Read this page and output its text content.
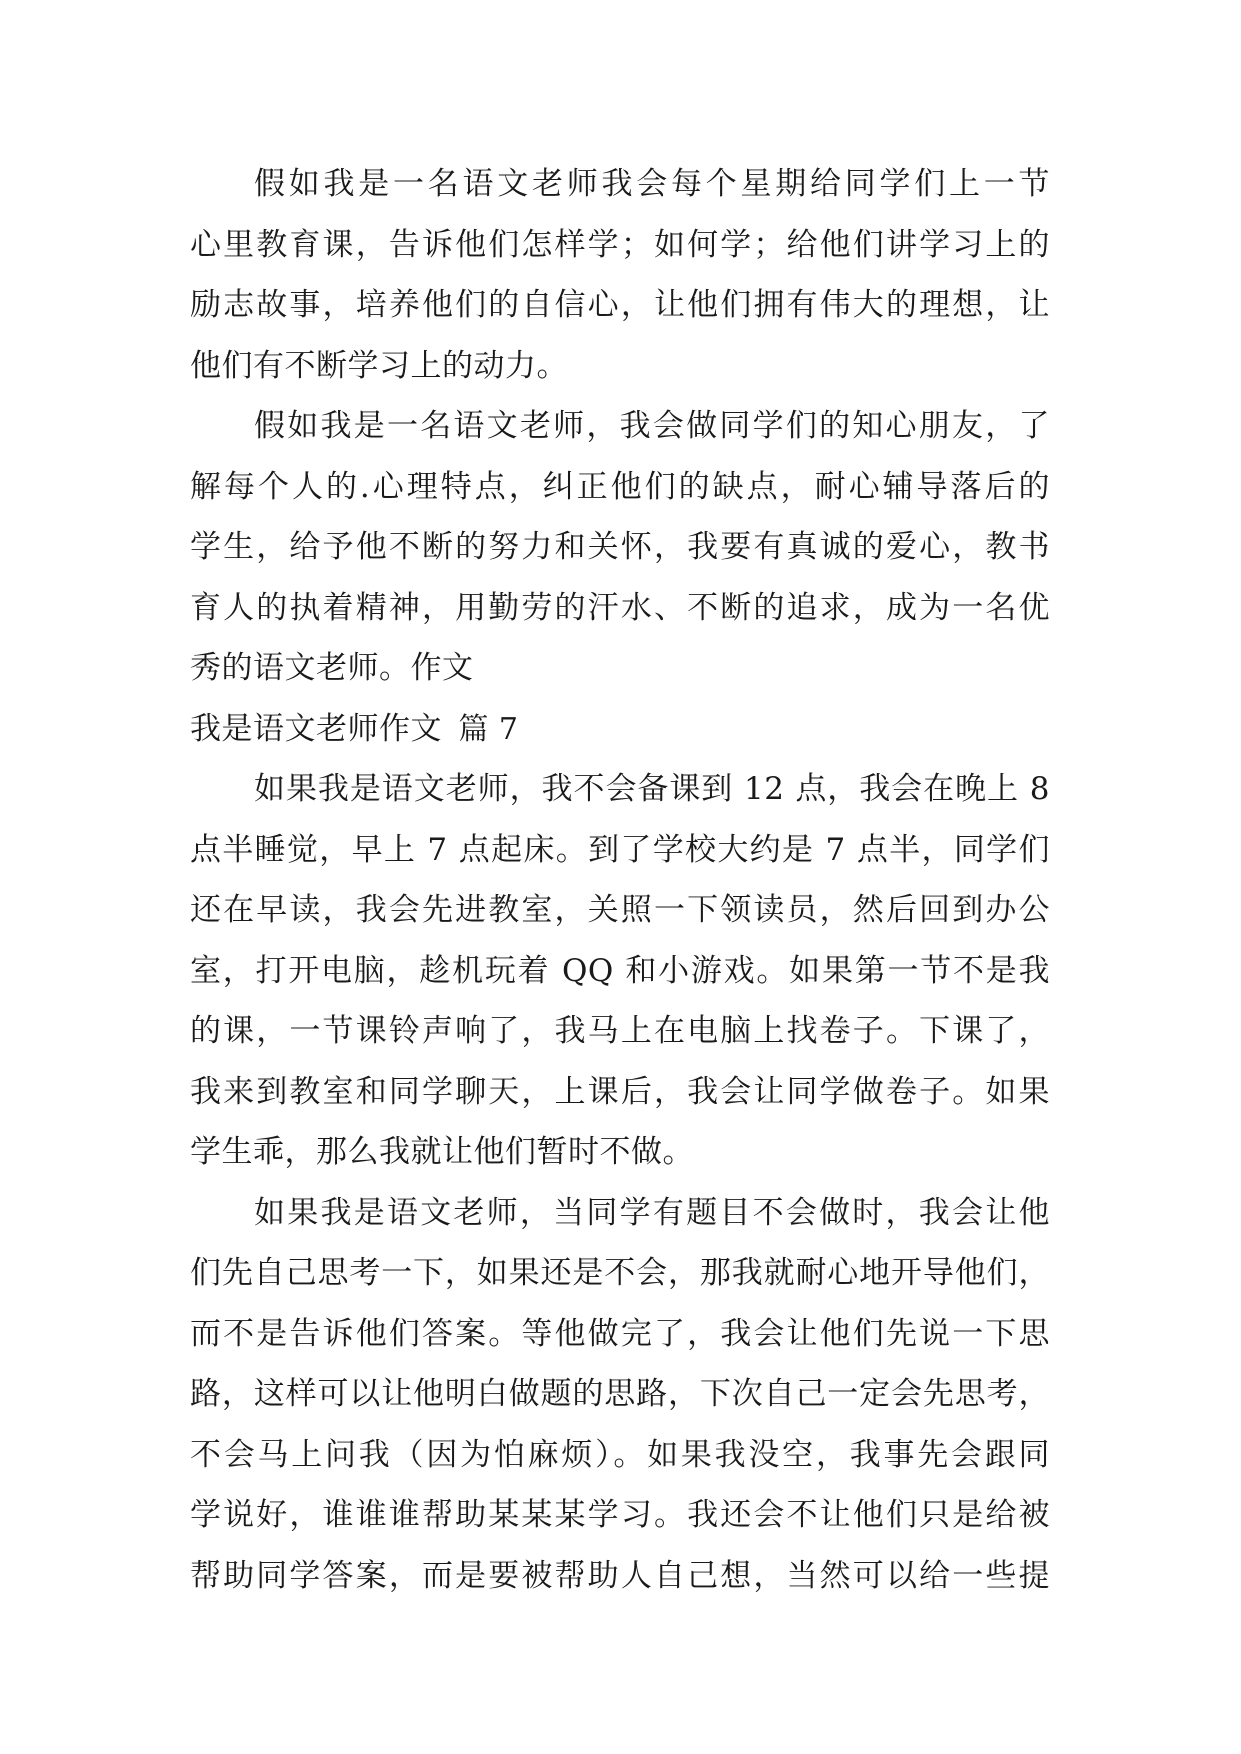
假如我是一名语文老师我会每个星期给同学们上一节
心里教育课，告诉他们怎样学；如何学；给他们讲学习上的
励志故事，培养他们的自信心，让他们拥有伟大的理想，让
他们有不断学习上的动力。
假如我是一名语文老师，我会做同学们的知心朋友，了
解每个人的.心理特点，纠正他们的缺点，耐心辅导落后的
学生，给予他不断的努力和关怀，我要有真诚的爱心，教书
育人的执着精神，用勤劳的汗水、不断的追求，成为一名优
秀的语文老师。作文
我是语文老师作文 篇 7
如果我是语文老师，我不会备课到 12 点，我会在晚上 8
点半睡觉，早上 7 点起床。到了学校大约是 7 点半，同学们
还在早读，我会先进教室，关照一下领读员，然后回到办公
室，打开电脑，趁机玩着 QQ 和小游戏。如果第一节不是我
的课，一节课铃声响了，我马上在电脑上找卷子。下课了，
我来到教室和同学聊天，上课后，我会让同学做卷子。如果
学生乖，那么我就让他们暂时不做。
如果我是语文老师，当同学有题目不会做时，我会让他
们先自己思考一下，如果还是不会，那我就耐心地开导他们，
而不是告诉他们答案。等他做完了，我会让他们先说一下思
路，这样可以让他明白做题的思路，下次自己一定会先思考，
不会马上问我（因为怕麻烦）。如果我没空，我事先会跟同
学说好，谁谁谁帮助某某某学习。我还会不让他们只是给被
帮助同学答案，而是要被帮助人自己想，当然可以给一些提
